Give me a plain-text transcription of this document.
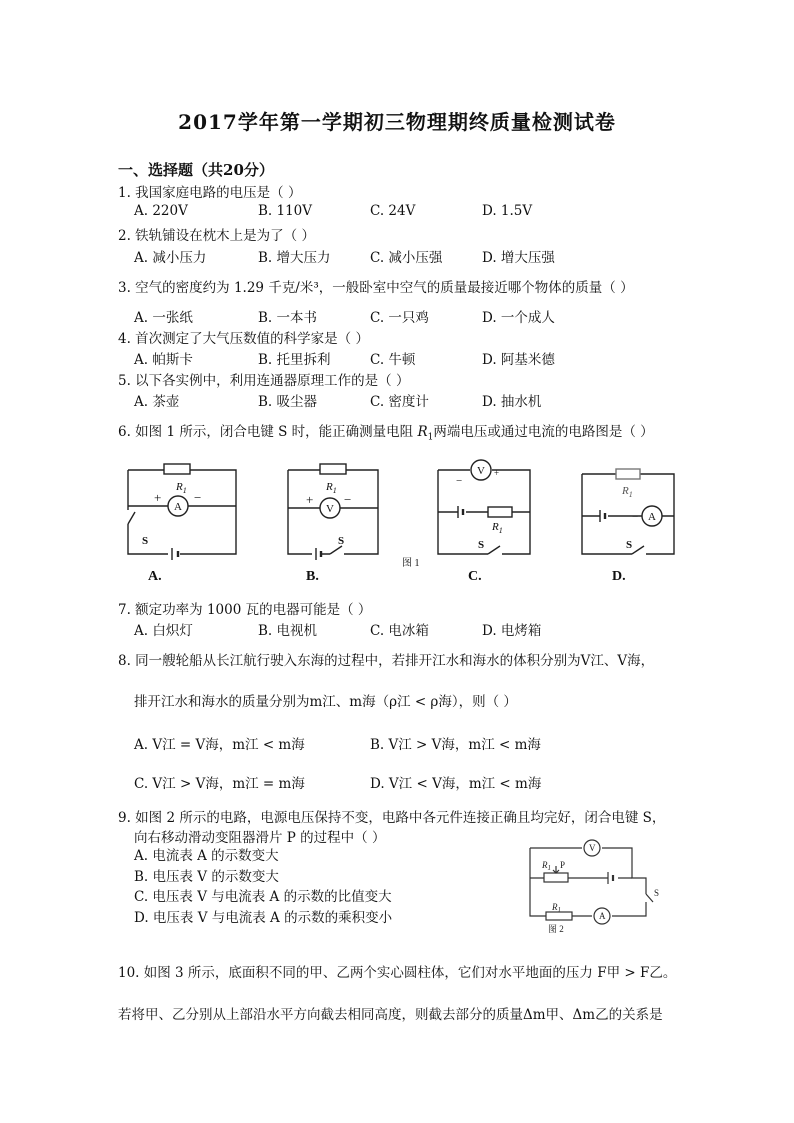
2017学年第一学期初三物理期终质量检测试卷
一、选择题（共20分）
1. 我国家庭电路的电压是（ ）
A. 220V	B. 110V	C. 24V	D. 1.5V
2. 铁轨铺设在枕木上是为了（ ）
A. 减小压力	B. 增大压力	C. 减小压强	D. 增大压强
3. 空气的密度约为 1.29 千克/米³，一般卧室中空气的质量最接近哪个物体的质量（ ）
A. 一张纸	B. 一本书	C. 一只鸡	D. 一个成人
4. 首次测定了大气压数值的科学家是（ ）
A. 帕斯卡	B. 托里拆利	C. 牛顿	D. 阿基米德
5. 以下各实例中，利用连通器原理工作的是（ ）
A. 茶壶	B. 吸尘器	C. 密度计	D. 抽水机
6. 如图 1 所示，闭合电键 S 时，能正确测量电阻 $R_1$两端电压或通过电流的电路图是（ ）
A
$R_1$
+	−
S
A.
V
$R_1$
+ −
S
B.
图 1
V +
−
$R_1$
S
C.
$R_1$
A
−
S
D.
7. 额定功率为 1000 瓦的电器可能是（ ）
A. 白炽灯	B. 电视机	C. 电冰箱	D. 电烤箱
8. 同一艘轮船从长江航行驶入东海的过程中，若排开江水和海水的体积分别为V江、V海，
排开江水和海水的质量分别为m江、m海（ρ江 < ρ海），则（ ）
A. V江 = V海，m江 < m海	B. V江 > V海，m江 < m海
C. V江 > V海，m江 = m海	D. V江 < V海，m江 < m海
9. 如图 2 所示的电路，电源电压保持不变，电路中各元件连接正确且均完好，闭合电键 S，
向右移动滑动变阻器滑片 P 的过程中（ ）
A. 电流表 A 的示数变大
B. 电压表 V 的示数变大
C. 电压表 V 与电流表 A 的示数的比值变大
D. 电压表 V 与电流表 A 的示数的乘积变小
V
A
$R_1$ P
$R_1$
S
图 2
10. 如图 3 所示，底面积不同的甲、乙两个实心圆柱体，它们对水平地面的压力 F甲 > F乙。
若将甲、乙分别从上部沿水平方向截去相同高度，则截去部分的质量Δm甲、Δm乙的关系是
